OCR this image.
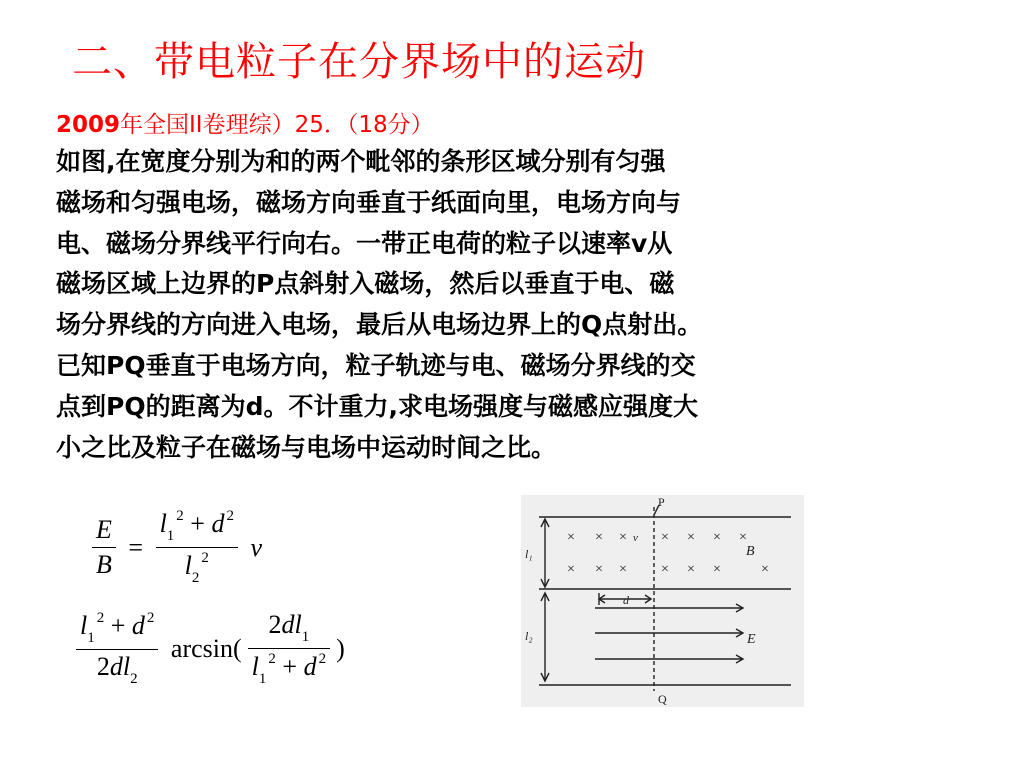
二、带电粒子在分界场中的运动
2009年全国II卷理综）25．（18分）
如图,在宽度分别为和的两个毗邻的条形区域分别有匀强
磁场和匀强电场，磁场方向垂直于纸面向里，电场方向与
电、磁场分界线平行向右。一带正电荷的粒子以速率v从
磁场区域上边界的P点斜射入磁场，然后以垂直于电、磁
场分界线的方向进入电场，最后从电场边界上的Q点射出。
已知PQ垂直于电场方向，粒子轨迹与电、磁场分界线的交
点到PQ的距离为d。不计重力,求电场强度与磁感应强度大
小之比及粒子在磁场与电场中运动时间之比。
$\frac{E}{B} = \frac{l_1^2 + d ^2}{l_2^2}$ v
$\frac{l_1^2 + d ^2}{2dl_2} \arcsin( \frac{2dl_1}{l_1^2 + d ^2}$ )
× × × × × × ×
× × × × × ×	×
P
Q
B
E
v
d
l₁
l₂
